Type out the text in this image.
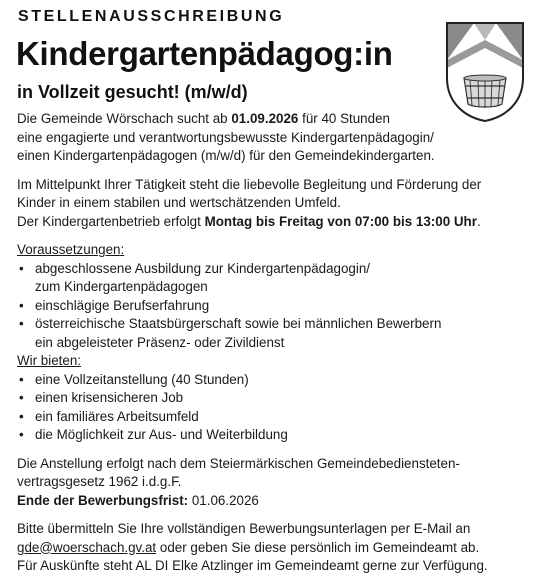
STELLENAUSSCHREIBUNG
Kindergartenpädagog:in
in Vollzeit gesucht! (m/w/d)

Die Gemeinde Wörschach sucht ab 01.09.2026 für 40 Stunden
eine engagierte und verantwortungsbewusste Kindergartenpädagogin/
einen Kindergartenpädagogen (m/w/d) für den Gemeindekindergarten.

Im Mittelpunkt Ihrer Tätigkeit steht die liebevolle Begleitung und Förderung der
Kinder in einem stabilen und wertschätzenden Umfeld.
Der Kindergartenbetrieb erfolgt Montag bis Freitag von 07:00 bis 13:00 Uhr.

Voraussetzungen:

• abgeschlossene Ausbildung zur Kindergartenpädagogin/
zum Kindergartenpädagogen
• einschlägige Berufserfahrung
• österreichische Staatsbürgerschaft sowie bei männlichen Bewerbern
ein abgeleisteter Präsenz- oder Zivildienst

Wir bieten:

• eine Vollzeitanstellung (40 Stunden)
• einen krisensicheren Job
• ein familiäres Arbeitsumfeld
• die Möglichkeit zur Aus- und Weiterbildung

Die Anstellung erfolgt nach dem Steiermärkischen Gemeindebediensteten-
vertragsgesetz 1962 i.d.g.F.
Ende der Bewerbungsfrist: 01.06.2026

Bitte übermitteln Sie Ihre vollständigen Bewerbungsunterlagen per E-Mail an
gde@woerschach.gv.at oder geben Sie diese persönlich im Gemeindeamt ab.
Für Auskünfte steht AL DI Elke Atzlinger im Gemeindeamt gerne zur Verfügung.
